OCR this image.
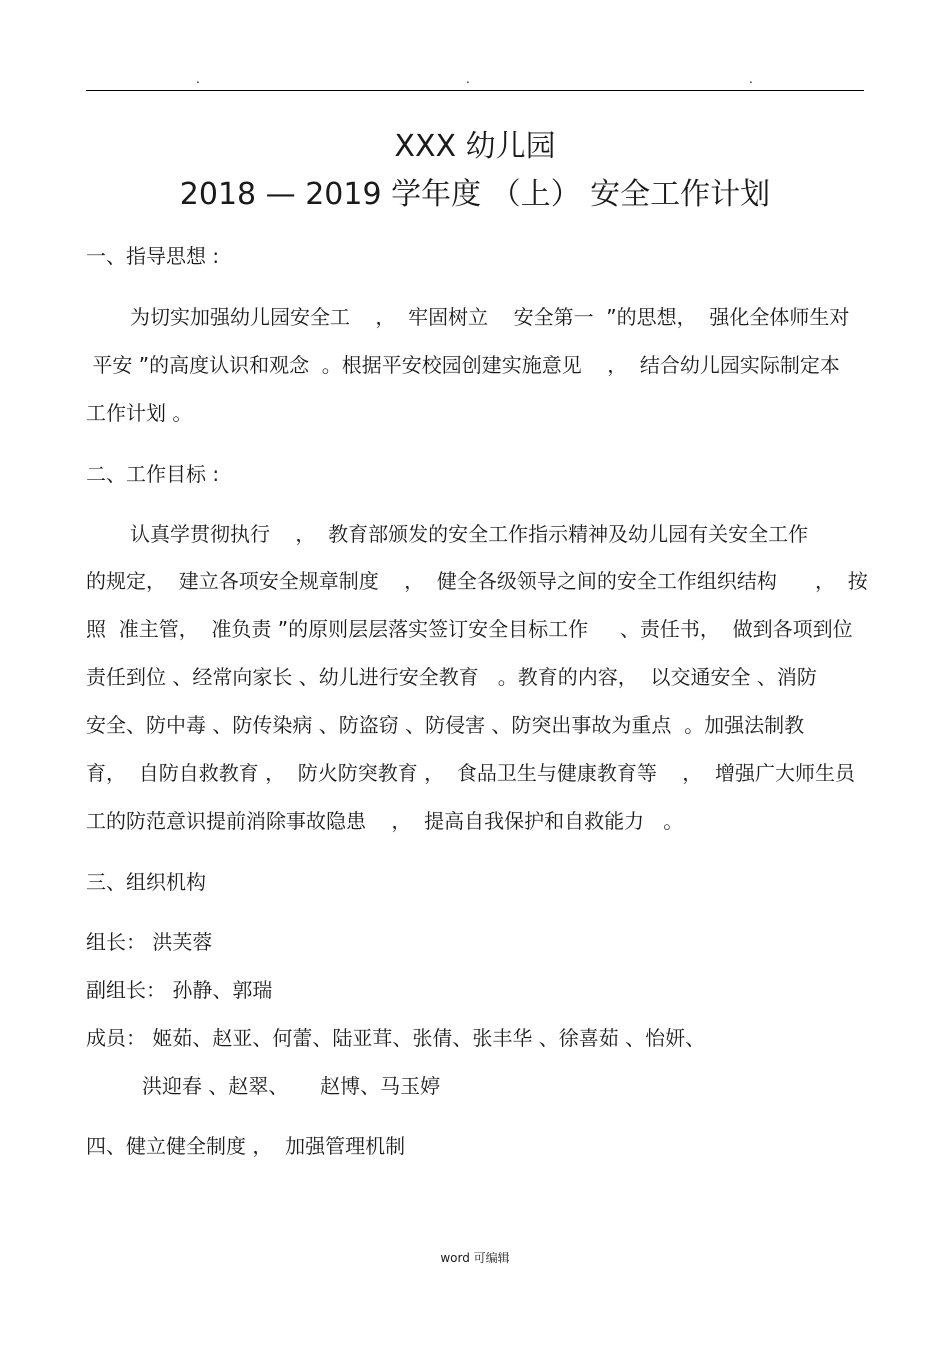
.	.	.
XXX 幼儿园
2018 — 2019 学年度 （上） 安全工作计划
一、指导思想 :
为切实加强幼儿园安全工    ，  牢固树立    安全第一  ”的思想，  强化全体师生对
平安 ”的高度认识和观念  。根据平安校园创建实施意见    ，  结合幼儿园实际制定本
工作计划 。
二、工作目标 :
认真学贯彻执行    ，  教育部颁发的安全工作指示精神及幼儿园有关安全工作
的规定，  建立各项安全规章制度    ，  健全各级领导之间的安全工作组织结构      ，  按
照  准主管，  准负责 ”的原则层层落实签订安全目标工作     、责任书，  做到各项到位
责任到位 、经常向家长 、幼儿进行安全教育   。教育的内容，  以交通安全 、消防
安全、防中毒 、防传染病 、防盗窃 、防侵害 、防突出事故为重点  。加强法制教
育，  自防自救教育 ，  防火防突教育 ，  食品卫生与健康教育等    ，  增强广大师生员
工的防范意识提前消除事故隐患    ，  提高自我保护和自救能力   。
三、组织机构
组长： 洪芙蓉
副组长： 孙静、郭瑞
成员： 姬茹、赵亚、何蕾、陆亚茸、张倩、张丰华 、徐喜茹 、怡妍、
洪迎春 、赵翠、     赵博、马玉婷
四、健立健全制度 ，  加强管理机制
word 可编辑
